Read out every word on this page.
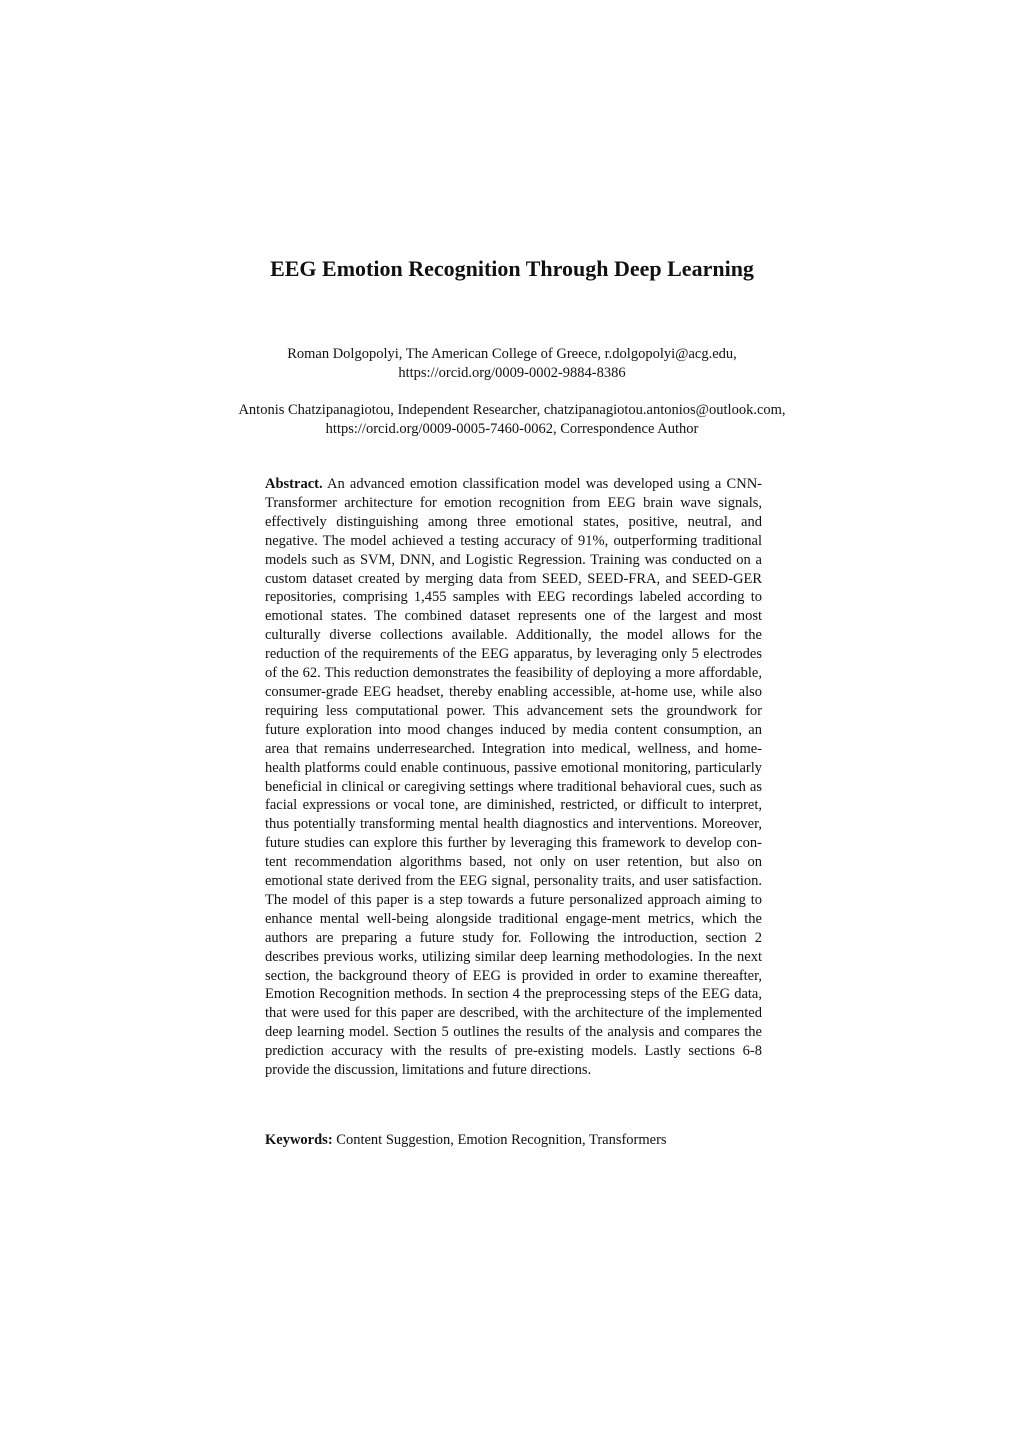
EEG Emotion Recognition Through Deep Learning

Roman Dolgopolyi, The American College of Greece, r.dolgopolyi@acg.edu,
https://orcid.org/0009-0002-9884-8386

Antonis Chatzipanagiotou, Independent Researcher, chatzipanagiotou.antonios@outlook.com,
https://orcid.org/0009-0005-7460-0062, Correspondence Author

Abstract. An advanced emotion classification model was developed using a CNN-Transformer architecture for emotion recognition from EEG brain wave signals, effectively distinguishing among three emotional states, positive, neutral, and negative. The model achieved a testing accuracy of 91%, outperforming traditional models such as SVM, DNN, and Logistic Regression. Training was conducted on a custom dataset created by merging data from SEED, SEED-FRA, and SEED-GER repositories, comprising 1,455 samples with EEG recordings labeled according to emotional states. The combined dataset represents one of the largest and most culturally diverse collections available. Additionally, the model allows for the reduction of the requirements of the EEG apparatus, by leveraging only 5 electrodes of the 62. This reduction demonstrates the feasibility of deploying a more affordable, consumer-grade EEG headset, thereby enabling accessible, at-home use, while also requiring less computational power. This advancement sets the groundwork for future exploration into mood changes induced by media content consumption, an area that remains underresearched. Integration into medical, wellness, and home-health platforms could enable continuous, passive emotional monitoring, particularly beneficial in clinical or caregiving settings where traditional behavioral cues, such as facial expressions or vocal tone, are diminished, restricted, or difficult to interpret, thus potentially transforming mental health diagnostics and interventions. Moreover, future studies can explore this further by leveraging this framework to develop con-tent recommendation algorithms based, not only on user retention, but also on emotional state derived from the EEG signal, personality traits, and user satisfaction. The model of this paper is a step towards a future personalized approach aiming to enhance mental well-being alongside traditional engage-ment metrics, which the authors are preparing a future study for. Following the introduction, section 2 describes previous works, utilizing similar deep learning methodologies. In the next section, the background theory of EEG is provided in order to examine thereafter, Emotion Recognition methods. In section 4 the preprocessing steps of the EEG data, that were used for this paper are described, with the architecture of the implemented deep learning model. Section 5 outlines the results of the analysis and compares the prediction accuracy with the results of pre-existing models. Lastly sections 6-8 provide the discussion, limitations and future directions.

Keywords: Content Suggestion, Emotion Recognition, Transformers
